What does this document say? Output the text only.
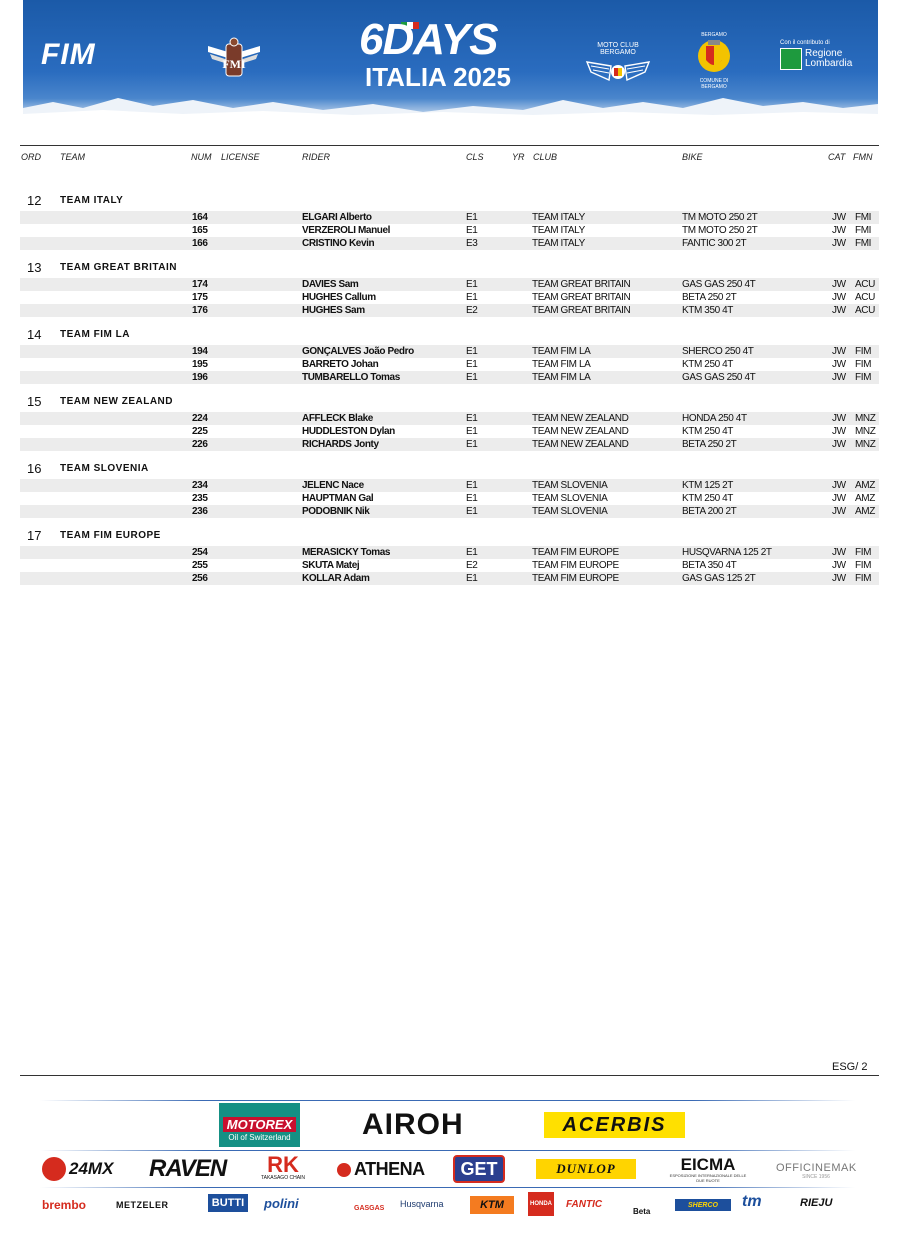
FIM	FMI	6DAYS
ITALIA 2025
MOTO CLUB BERGAMO
BERGAMO
COMUNE DI BERGAMO
Con il contributo di
Regione
Lombardia
ORD TEAM	NUM LICENSE	RIDER	CLS	YR CLUB	BIKE	CAT FMN
12 TEAM ITALY
164	ELGARI Alberto	E1	TEAM ITALY	TM MOTO 250 2T	JW FMI
165	VERZEROLI Manuel	E1	TEAM ITALY	TM MOTO 250 2T	JW FMI
166	CRISTINO Kevin	E3	TEAM ITALY	FANTIC 300 2T	JW FMI
13 TEAM GREAT BRITAIN
174	DAVIES Sam	E1	TEAM GREAT BRITAIN	GAS GAS 250 4T	JW ACU
175	HUGHES Callum	E1	TEAM GREAT BRITAIN	BETA 250 2T	JW ACU
176	HUGHES Sam	E2	TEAM GREAT BRITAIN	KTM 350 4T	JW ACU
14 TEAM FIM LA
194	GONÇALVES João Pedro	E1	TEAM FIM LA	SHERCO 250 4T	JW FIM
195	BARRETO Johan	E1	TEAM FIM LA	KTM 250 4T	JW FIM
196	TUMBARELLO Tomas	E1	TEAM FIM LA	GAS GAS 250 4T	JW FIM
15 TEAM NEW ZEALAND
224	AFFLECK Blake	E1	TEAM NEW ZEALAND	HONDA 250 4T	JW MNZ
225	HUDDLESTON Dylan	E1	TEAM NEW ZEALAND	KTM 250 4T	JW MNZ
226	RICHARDS Jonty	E1	TEAM NEW ZEALAND	BETA 250 2T	JW MNZ
16 TEAM SLOVENIA
234	JELENC Nace	E1	TEAM SLOVENIA	KTM 125 2T	JW AMZ
235	HAUPTMAN Gal	E1	TEAM SLOVENIA	KTM 250 4T	JW AMZ
236	PODOBNIK Nik	E1	TEAM SLOVENIA	BETA 200 2T	JW AMZ
17 TEAM FIM EUROPE
254	MERASICKY Tomas	E1	TEAM FIM EUROPE	HUSQVARNA 125 2T	JW FIM
255	SKUTA Matej	E2	TEAM FIM EUROPE	BETA 350 4T	JW FIM
256	KOLLAR Adam	E1	TEAM FIM EUROPE	GAS GAS 125 2T	JW FIM
ESG/ 2
MOTOREX
Oil of Switzerland	AIROH	ACERBIS
24MX RAVEN	RK
TAKASAGO CHAIN	ATHENA	GET	DUNLOP	EICMA
ESPOSIZIONE INTERNAZIONALE DELLE DUE RUOTE
OFFICINEMAK
SINCE 1956
brembo	METZELER	BUTTI polini	GASGAS Husqvarna	KTM	HONDA FANTIC
Beta
SHERCO	tm	RIEJU
